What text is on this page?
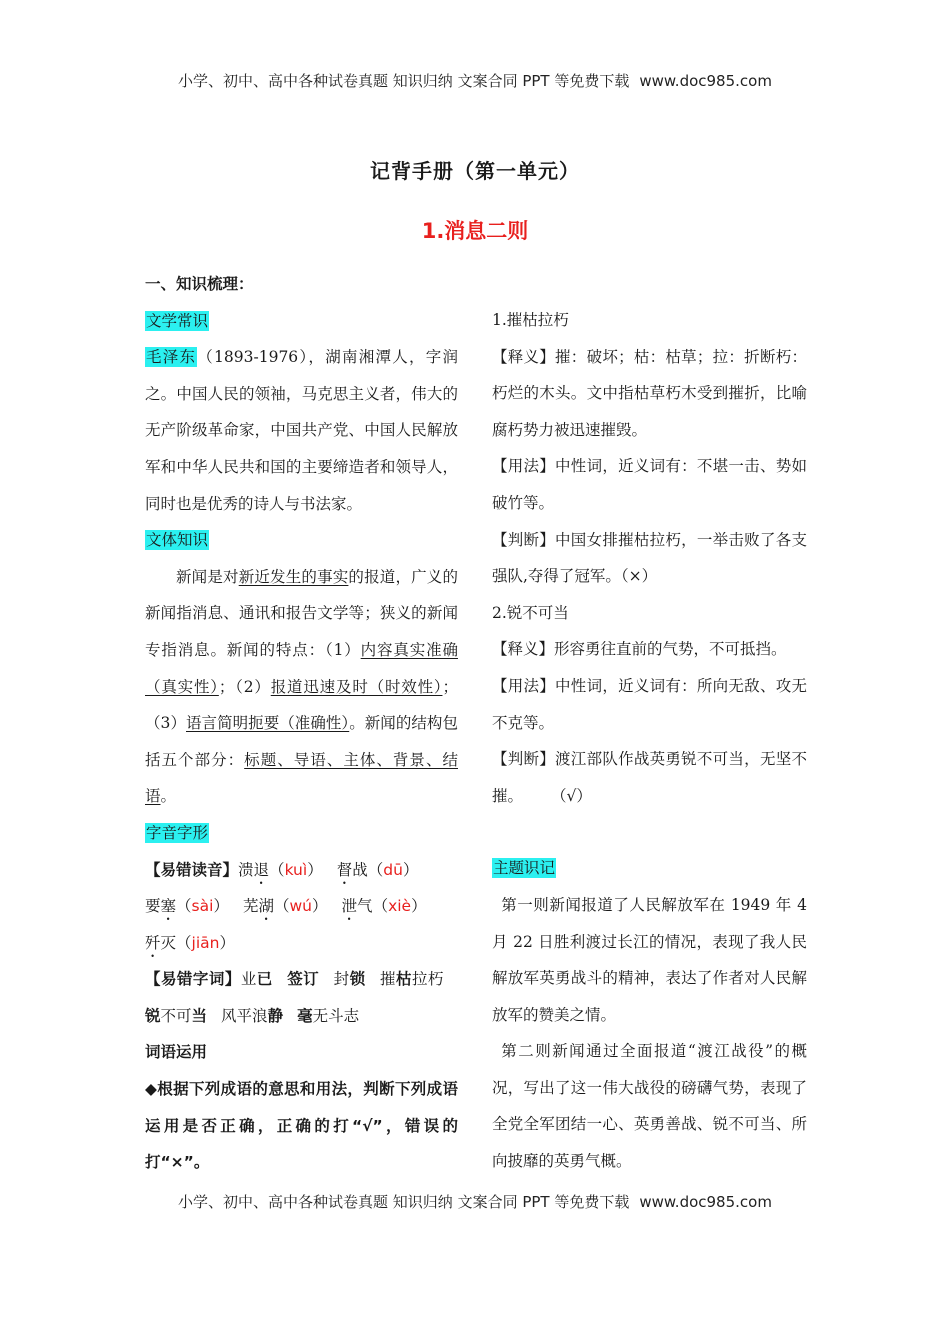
小学、初中、高中各种试卷真题 知识归纳 文案合同 PPT 等免费下载 www.doc985.com
记背手册（第一单元）
1.消息二则

一、知识梳理：

文学常识

毛泽东（1893-1976），湖南湘潭人，字润之。中国人民的领袖，马克思主义者，伟大的无产阶级革命家，中国共产党、中国人民解放军和中华人民共和国的主要缔造者和领导人，同时也是优秀的诗人与书法家。

文体知识

新闻是对新近发生的事实的报道，广义的新闻指消息、通讯和报告文学等；狭义的新闻专指消息。新闻的特点：（1）内容真实准确（真实性）；（2）报道迅速及时（时效性）；（3）语言简明扼要（准确性）。新闻的结构包括五个部分：标题、导语、主体、背景、结语。

字音字形

【易错读音】溃退（kuì） 督战（dū）
要塞（sài） 芜湖（wú） 泄气（xiè）
歼灭（jiān）

【易错字词】业已 签订 封锁 摧枯拉朽锐不可当 风平浪静 毫无斗志

词语运用

◆根据下列成语的意思和用法，判断下列成语运用是否正确，正确的打“√”，错误的打“×”。

1.摧枯拉朽

【释义】摧：破坏；枯：枯草；拉：折断朽：朽烂的木头。文中指枯草朽木受到摧折，比喻腐朽势力被迅速摧毁。

【用法】中性词，近义词有：不堪一击、势如破竹等。

【判断】中国女排摧枯拉朽，一举击败了各支强队,夺得了冠军。（×）

2.锐不可当

【释义】形容勇往直前的气势，不可抵挡。

【用法】中性词，近义词有：所向无敌、攻无不克等。

【判断】渡江部队作战英勇锐不可当，无坚不摧。 （√）

主题识记

第一则新闻报道了人民解放军在 1949 年 4 月 22 日胜利渡过长江的情况，表现了我人民解放军英勇战斗的精神，表达了作者对人民解放军的赞美之情。

第二则新闻通过全面报道“渡江战役”的概况，写出了这一伟大战役的磅礴气势，表现了全党全军团结一心、英勇善战、锐不可当、所向披靡的英勇气概。

小学、初中、高中各种试卷真题 知识归纳 文案合同 PPT 等免费下载 www.doc985.com
